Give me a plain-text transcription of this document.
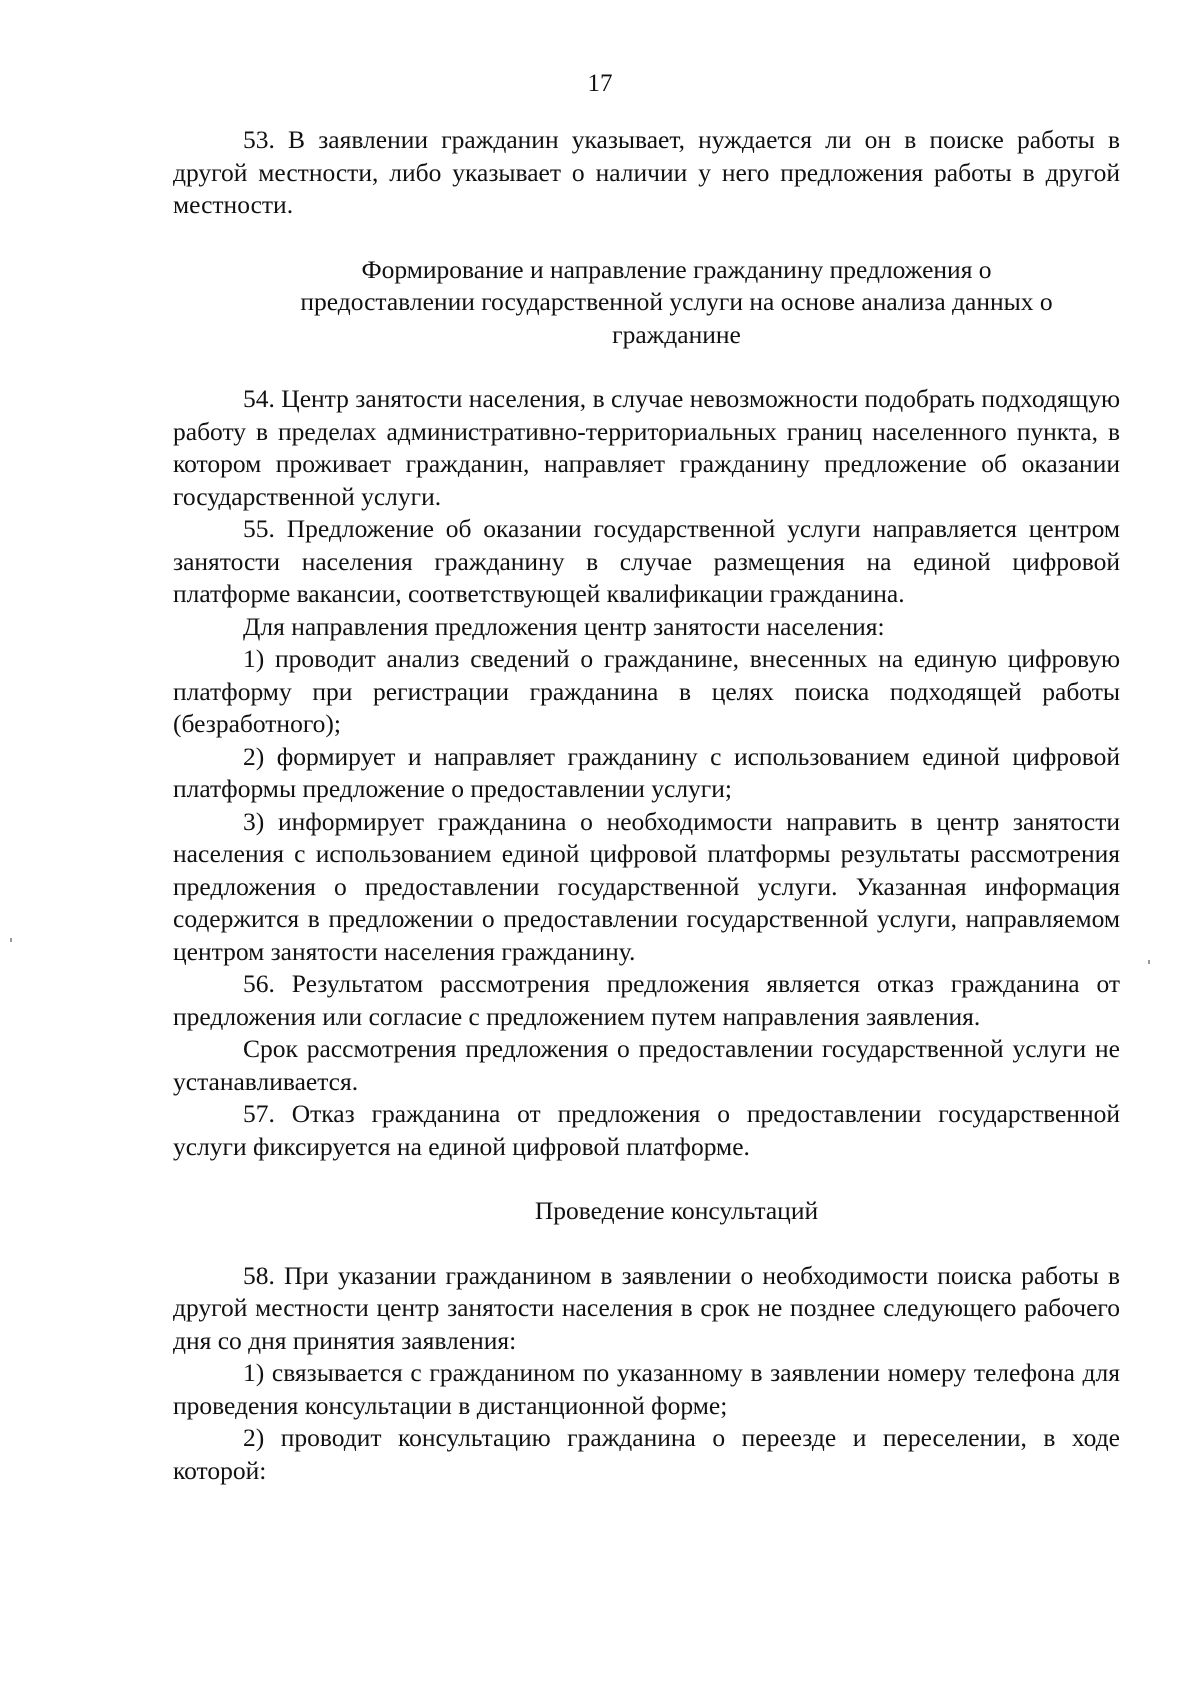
17

53. В заявлении гражданин указывает, нуждается ли он в поиске работы в другой местности, либо указывает о наличии у него предложения работы в другой местности.

Формирование и направление гражданину предложения о предоставлении государственной услуги на основе анализа данных о гражданине

54. Центр занятости населения, в случае невозможности подобрать подходящую работу в пределах административно-территориальных границ населенного пункта, в котором проживает гражданин, направляет гражданину предложение об оказании государственной услуги.

55. Предложение об оказании государственной услуги направляется центром занятости населения гражданину в случае размещения на единой цифровой платформе вакансии, соответствующей квалификации гражданина.

Для направления предложения центр занятости населения:

1) проводит анализ сведений о гражданине, внесенных на единую цифровую платформу при регистрации гражданина в целях поиска подходящей работы (безработного);

2) формирует и направляет гражданину с использованием единой цифровой платформы предложение о предоставлении услуги;

3) информирует гражданина о необходимости направить в центр занятости населения с использованием единой цифровой платформы результаты рассмотрения предложения о предоставлении государственной услуги. Указанная информация содержится в предложении о предоставлении государственной услуги, направляемом центром занятости населения гражданину.

56. Результатом рассмотрения предложения является отказ гражданина от предложения или согласие с предложением путем направления заявления.

Срок рассмотрения предложения о предоставлении государственной услуги не устанавливается.

57. Отказ гражданина от предложения о предоставлении государственной услуги фиксируется на единой цифровой платформе.

Проведение консультаций

58. При указании гражданином в заявлении о необходимости поиска работы в другой местности центр занятости населения в срок не позднее следующего рабочего дня со дня принятия заявления:

1) связывается с гражданином по указанному в заявлении номеру телефона для проведения консультации в дистанционной форме;

2) проводит консультацию гражданина о переезде и переселении, в ходе которой:
